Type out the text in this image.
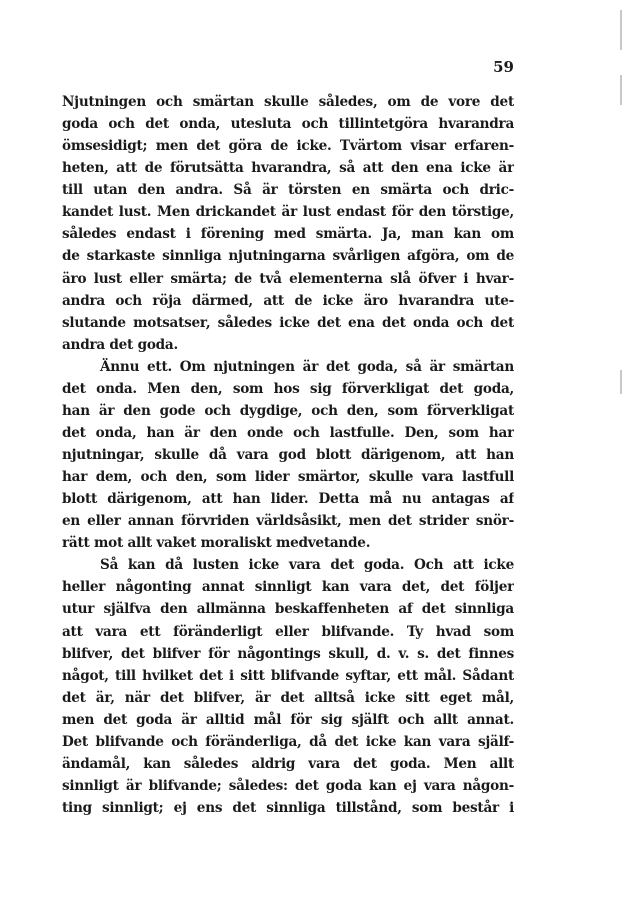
59
Njutningen och smärtan skulle således, om de vore det
goda och det onda, utesluta och tillintetgöra hvarandra
ömsesidigt; men det göra de icke. Tvärtom visar erfaren-
heten, att de förutsätta hvarandra, så att den ena icke är
till utan den andra. Så är törsten en smärta och dric-
kandet lust. Men drickandet är lust endast för den törstige,
således endast i förening med smärta. Ja, man kan om
de starkaste sinnliga njutningarna svårligen afgöra, om de
äro lust eller smärta; de två elementerna slå öfver i hvar-
andra och röja därmed, att de icke äro hvarandra ute-
slutande motsatser, således icke det ena det onda och det
andra det goda.
Ännu ett. Om njutningen är det goda, så är smärtan
det onda. Men den, som hos sig förverkligat det goda,
han är den gode och dygdige, och den, som förverkligat
det onda, han är den onde och lastfulle. Den, som har
njutningar, skulle då vara god blott därigenom, att han
har dem, och den, som lider smärtor, skulle vara lastfull
blott därigenom, att han lider. Detta må nu antagas af
en eller annan förvriden världsåsikt, men det strider snör-
rätt mot allt vaket moraliskt medvetande.
Så kan då lusten icke vara det goda. Och att icke
heller någonting annat sinnligt kan vara det, det följer
utur själfva den allmänna beskaffenheten af det sinnliga
att vara ett föränderligt eller blifvande. Ty hvad som
blifver, det blifver för någontings skull, d. v. s. det finnes
något, till hvilket det i sitt blifvande syftar, ett mål. Sådant
det är, när det blifver, är det alltså icke sitt eget mål,
men det goda är alltid mål för sig själft och allt annat.
Det blifvande och föränderliga, då det icke kan vara själf-
ändamål, kan således aldrig vara det goda. Men allt
sinnligt är blifvande; således: det goda kan ej vara någon-
ting sinnligt; ej ens det sinnliga tillstånd, som består i
